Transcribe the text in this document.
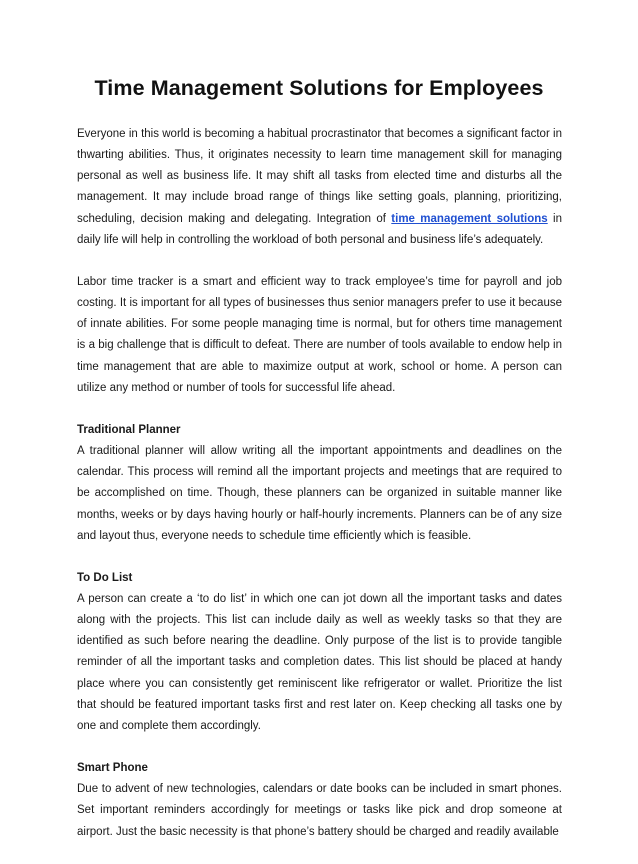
Time Management Solutions for Employees

Everyone in this world is becoming a habitual procrastinator that becomes a significant factor in thwarting abilities. Thus, it originates necessity to learn time management skill for managing personal as well as business life. It may shift all tasks from elected time and disturbs all the management. It may include broad range of things like setting goals, planning, prioritizing, scheduling, decision making and delegating. Integration of time management solutions in daily life will help in controlling the workload of both personal and business life’s adequately.

Labor time tracker is a smart and efficient way to track employee’s time for payroll and job costing. It is important for all types of businesses thus senior managers prefer to use it because of innate abilities. For some people managing time is normal, but for others time management is a big challenge that is difficult to defeat. There are number of tools available to endow help in time management that are able to maximize output at work, school or home. A person can utilize any method or number of tools for successful life ahead.

Traditional Planner

A traditional planner will allow writing all the important appointments and deadlines on the calendar. This process will remind all the important projects and meetings that are required to be accomplished on time. Though, these planners can be organized in suitable manner like months, weeks or by days having hourly or half-hourly increments. Planners can be of any size and layout thus, everyone needs to schedule time efficiently which is feasible.

To Do List

A person can create a ‘to do list’ in which one can jot down all the important tasks and dates along with the projects. This list can include daily as well as weekly tasks so that they are identified as such before nearing the deadline. Only purpose of the list is to provide tangible reminder of all the important tasks and completion dates. This list should be placed at handy place where you can consistently get reminiscent like refrigerator or wallet. Prioritize the list that should be featured important tasks first and rest later on. Keep checking all tasks one by one and complete them accordingly.

Smart Phone

Due to advent of new technologies, calendars or date books can be included in smart phones. Set important reminders accordingly for meetings or tasks like pick and drop someone at airport. Just the basic necessity is that phone’s battery should be charged and readily available
